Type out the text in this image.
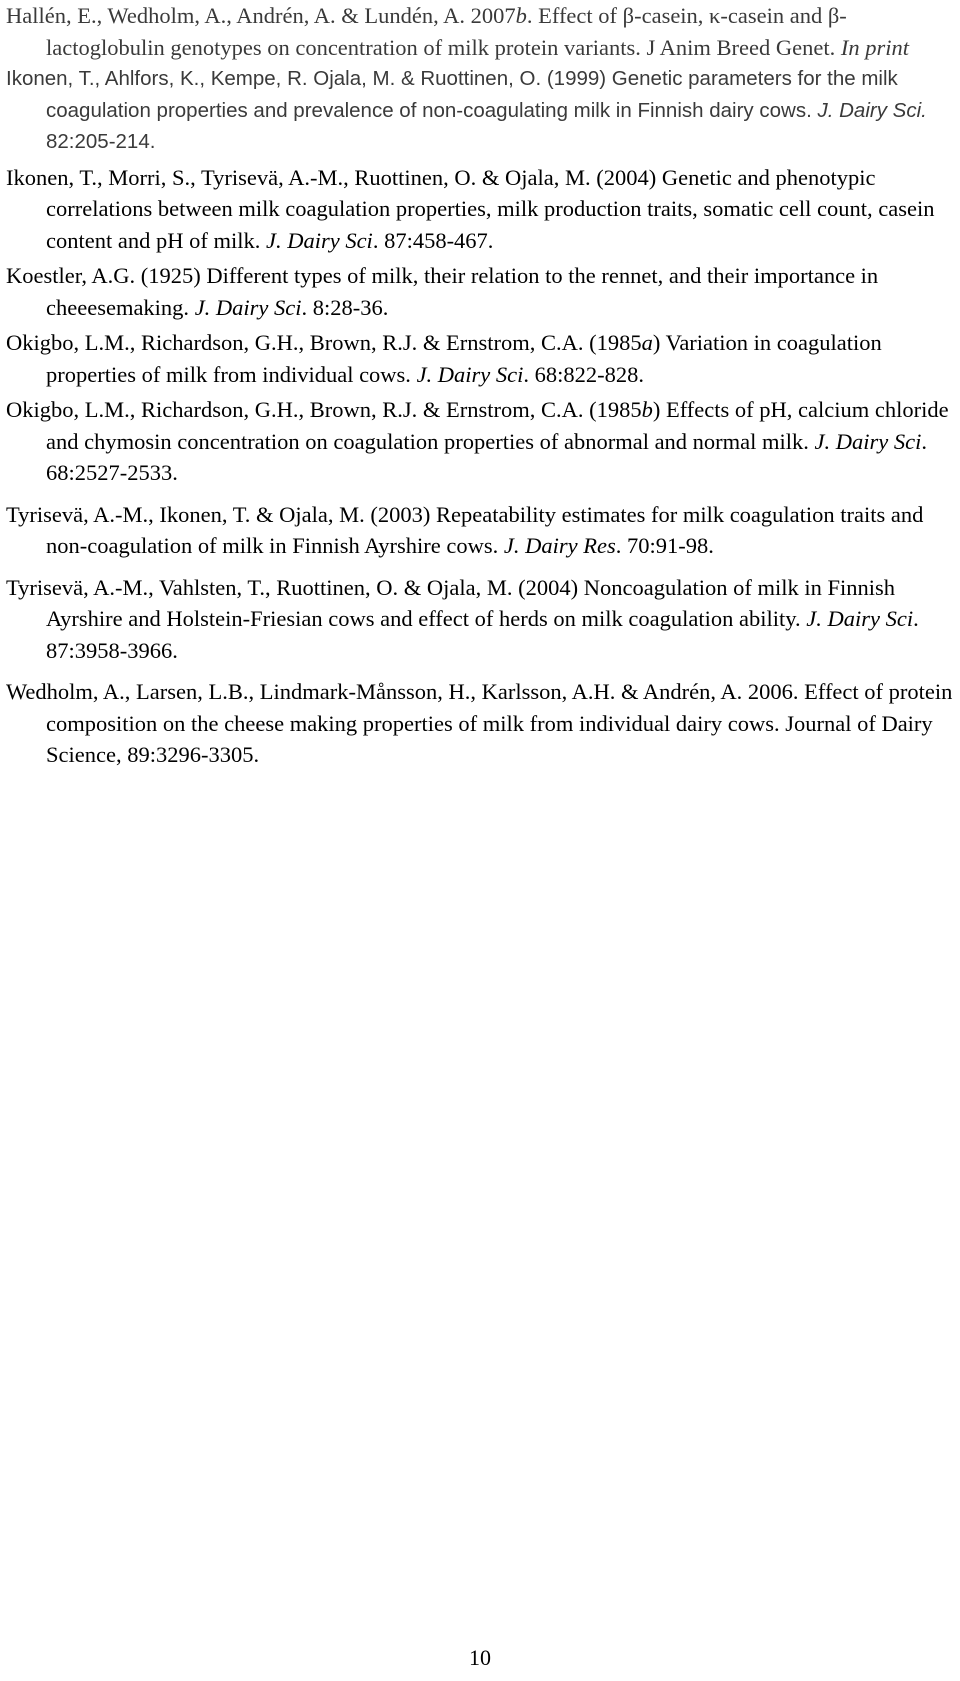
Hallén, E., Wedholm, A., Andrén, A. & Lundén, A. 2007b. Effect of β-casein, κ-casein and β-lactoglobulin genotypes on concentration of milk protein variants. J Anim Breed Genet. In print

Ikonen, T., Ahlfors, K., Kempe, R. Ojala, M. & Ruottinen, O. (1999) Genetic parameters for the milk coagulation properties and prevalence of non-coagulating milk in Finnish dairy cows. J. Dairy Sci. 82:205-214.

Ikonen, T., Morri, S., Tyrisevä, A.-M., Ruottinen, O. & Ojala, M. (2004) Genetic and phenotypic correlations between milk coagulation properties, milk production traits, somatic cell count, casein content and pH of milk. J. Dairy Sci. 87:458-467.

Koestler, A.G. (1925) Different types of milk, their relation to the rennet, and their importance in cheeesemaking. J. Dairy Sci. 8:28-36.

Okigbo, L.M., Richardson, G.H., Brown, R.J. & Ernstrom, C.A. (1985a) Variation in coagulation properties of milk from individual cows. J. Dairy Sci. 68:822-828.

Okigbo, L.M., Richardson, G.H., Brown, R.J. & Ernstrom, C.A. (1985b) Effects of pH, calcium chloride and chymosin concentration on coagulation properties of abnormal and normal milk. J. Dairy Sci. 68:2527-2533.

Tyrisevä, A.-M., Ikonen, T. & Ojala, M. (2003) Repeatability estimates for milk coagulation traits and non-coagulation of milk in Finnish Ayrshire cows. J. Dairy Res. 70:91-98.

Tyrisevä, A.-M., Vahlsten, T., Ruottinen, O. & Ojala, M. (2004) Noncoagulation of milk in Finnish Ayrshire and Holstein-Friesian cows and effect of herds on milk coagulation ability. J. Dairy Sci. 87:3958-3966.

Wedholm, A., Larsen, L.B., Lindmark-Månsson, H., Karlsson, A.H. & Andrén, A. 2006. Effect of protein composition on the cheese making properties of milk from individual dairy cows. Journal of Dairy Science, 89:3296-3305.

10
